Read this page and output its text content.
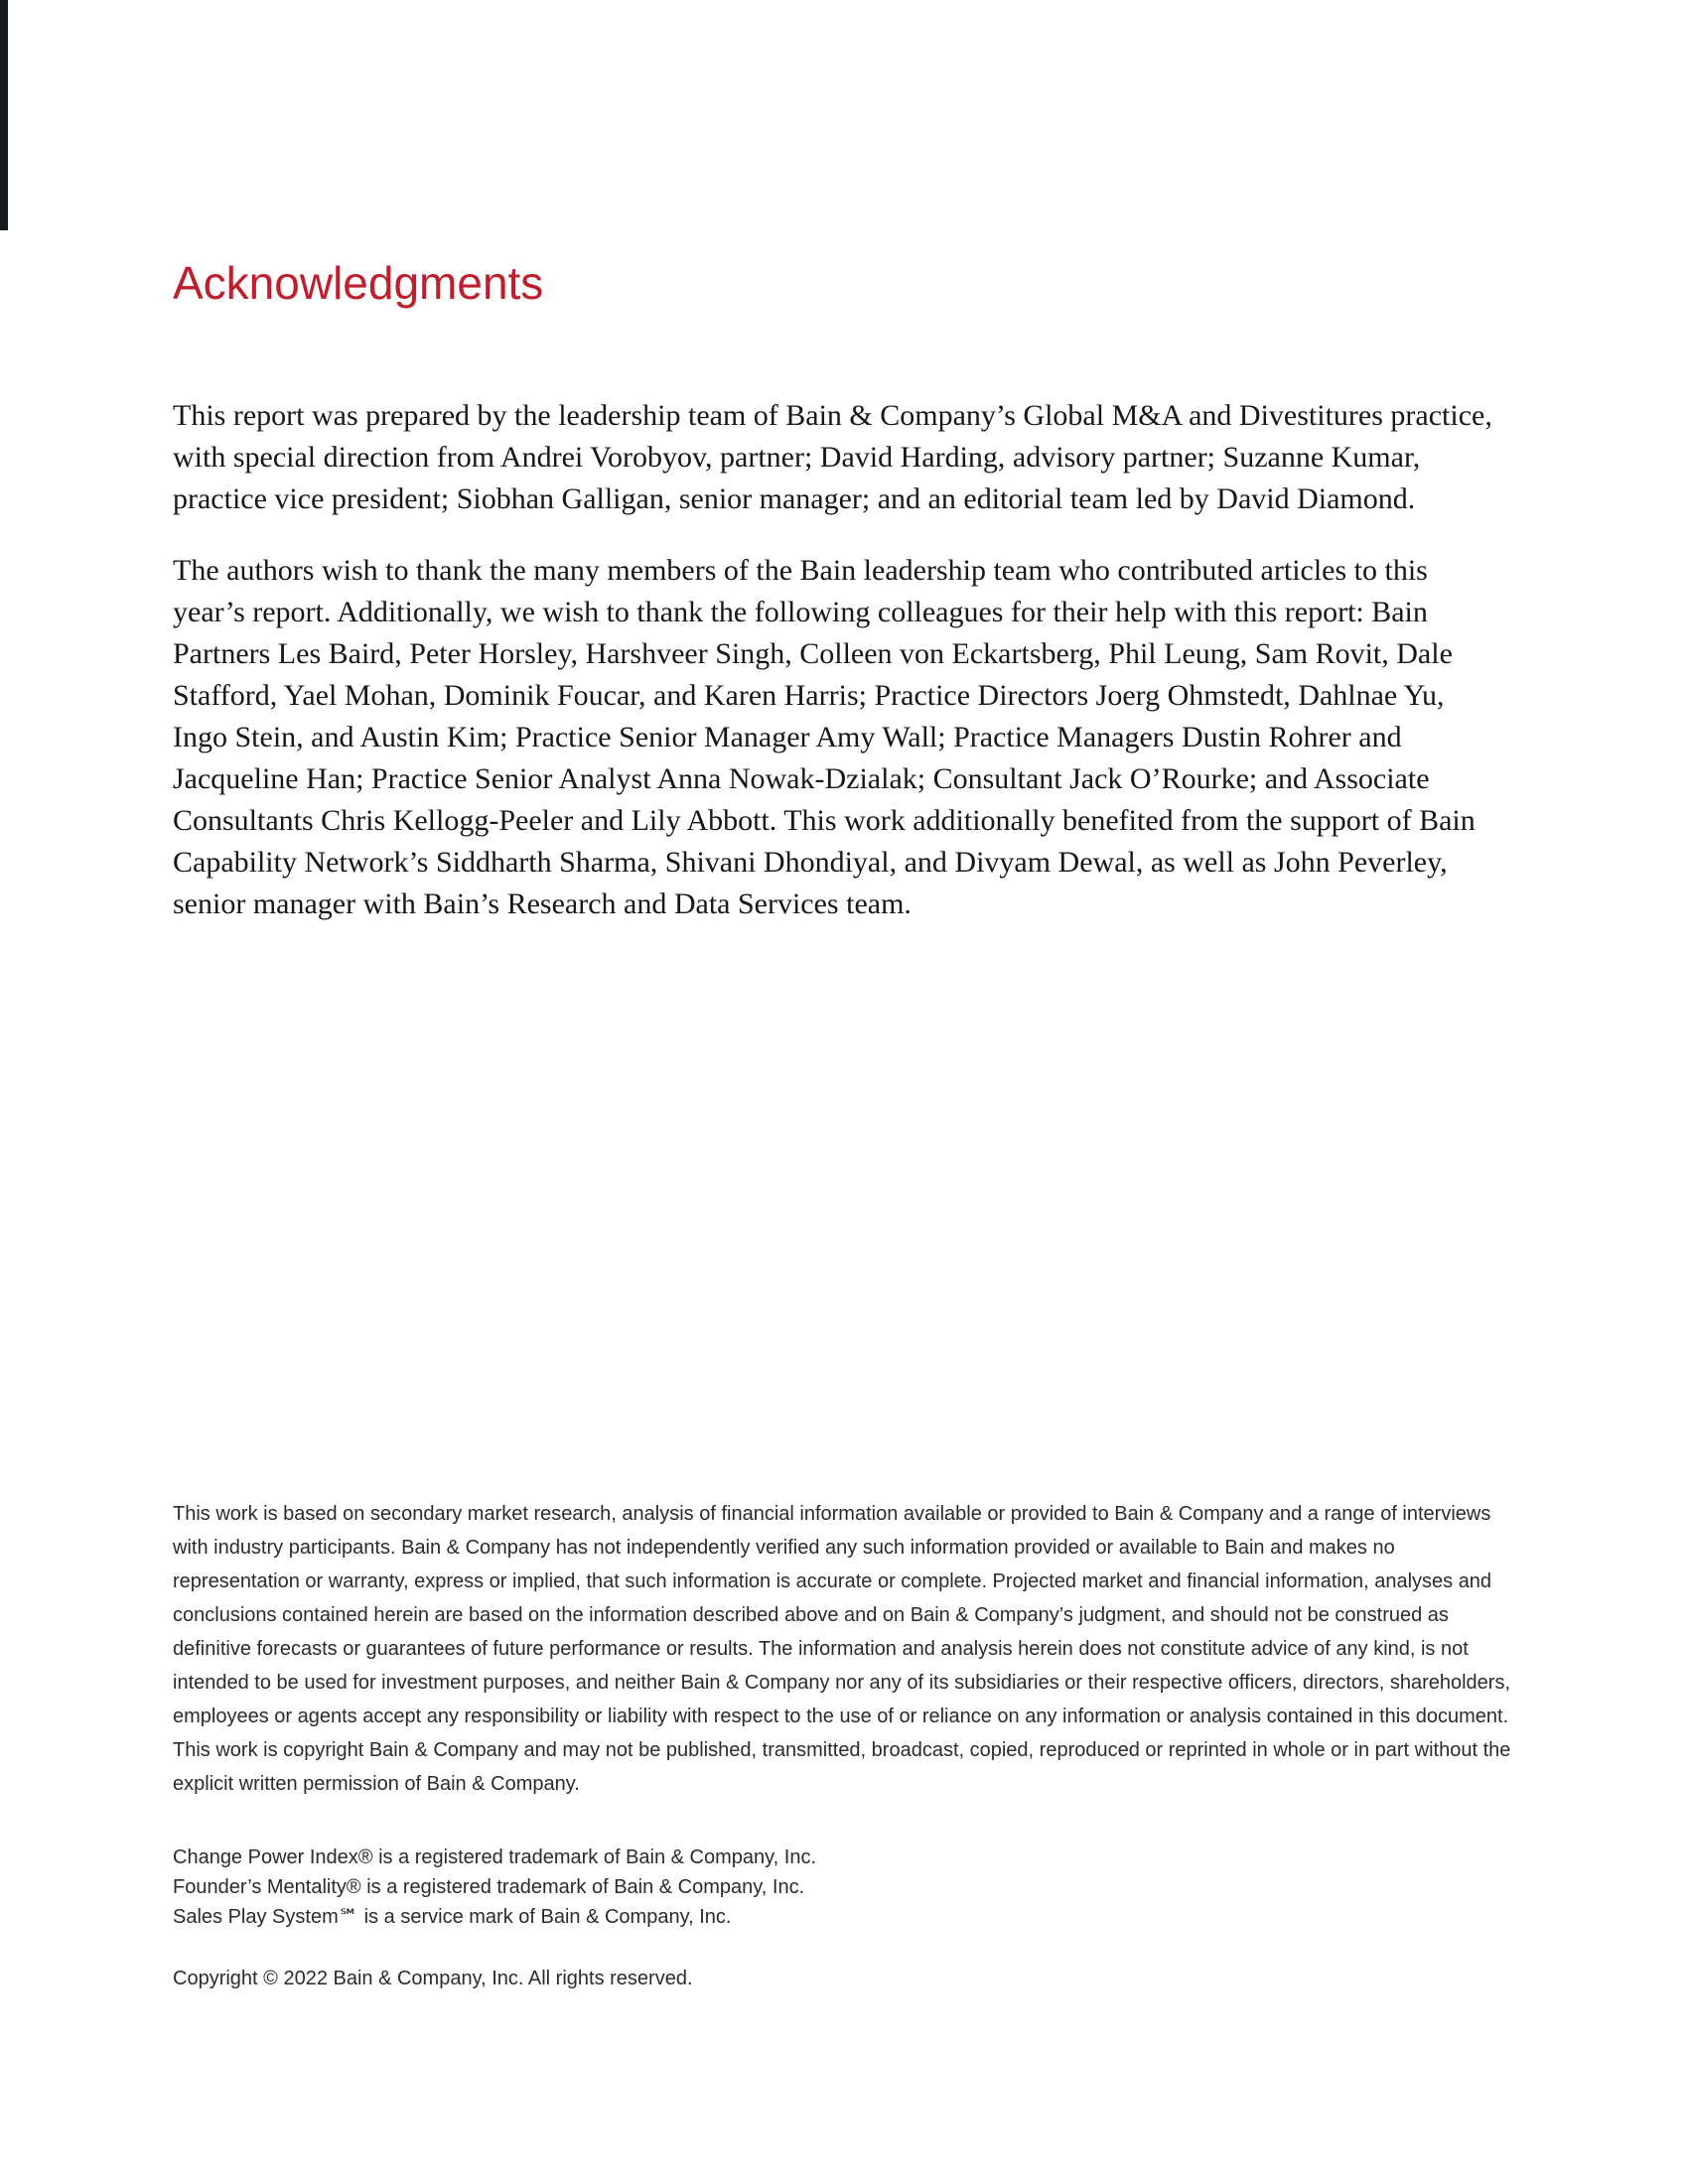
Acknowledgments

This report was prepared by the leadership team of Bain & Company’s Global M&A and Divestitures practice, with special direction from Andrei Vorobyov, partner; David Harding, advisory partner; Suzanne Kumar, practice vice president; Siobhan Galligan, senior manager; and an editorial team led by David Diamond.

The authors wish to thank the many members of the Bain leadership team who contributed articles to this year’s report. Additionally, we wish to thank the following colleagues for their help with this report: Bain Partners Les Baird, Peter Horsley, Harshveer Singh, Colleen von Eckartsberg, Phil Leung, Sam Rovit, Dale Stafford, Yael Mohan, Dominik Foucar, and Karen Harris; Practice Directors Joerg Ohmstedt, Dahlnae Yu, Ingo Stein, and Austin Kim; Practice Senior Manager Amy Wall; Practice Managers Dustin Rohrer and Jacqueline Han; Practice Senior Analyst Anna Nowak-Dzialak; Consultant Jack O’Rourke; and Associate Consultants Chris Kellogg-Peeler and Lily Abbott. This work additionally benefited from the support of Bain Capability Network’s Siddharth Sharma, Shivani Dhondiyal, and Divyam Dewal, as well as John Peverley, senior manager with Bain’s Research and Data Services team.

This work is based on secondary market research, analysis of financial information available or provided to Bain & Company and a range of interviews with industry participants. Bain & Company has not independently verified any such information provided or available to Bain and makes no representation or warranty, express or implied, that such information is accurate or complete. Projected market and financial information, analyses and conclusions contained herein are based on the information described above and on Bain & Company’s judgment, and should not be construed as definitive forecasts or guarantees of future performance or results. The information and analysis herein does not constitute advice of any kind, is not intended to be used for investment purposes, and neither Bain & Company nor any of its subsidiaries or their respective officers, directors, shareholders, employees or agents accept any responsibility or liability with respect to the use of or reliance on any information or analysis contained in this document. This work is copyright Bain & Company and may not be published, transmitted, broadcast, copied, reproduced or reprinted in whole or in part without the explicit written permission of Bain & Company.

Change Power Index® is a registered trademark of Bain & Company, Inc.

Founder’s Mentality® is a registered trademark of Bain & Company, Inc.

Sales Play System℠ is a service mark of Bain & Company, Inc.

Copyright © 2022 Bain & Company, Inc. All rights reserved.
